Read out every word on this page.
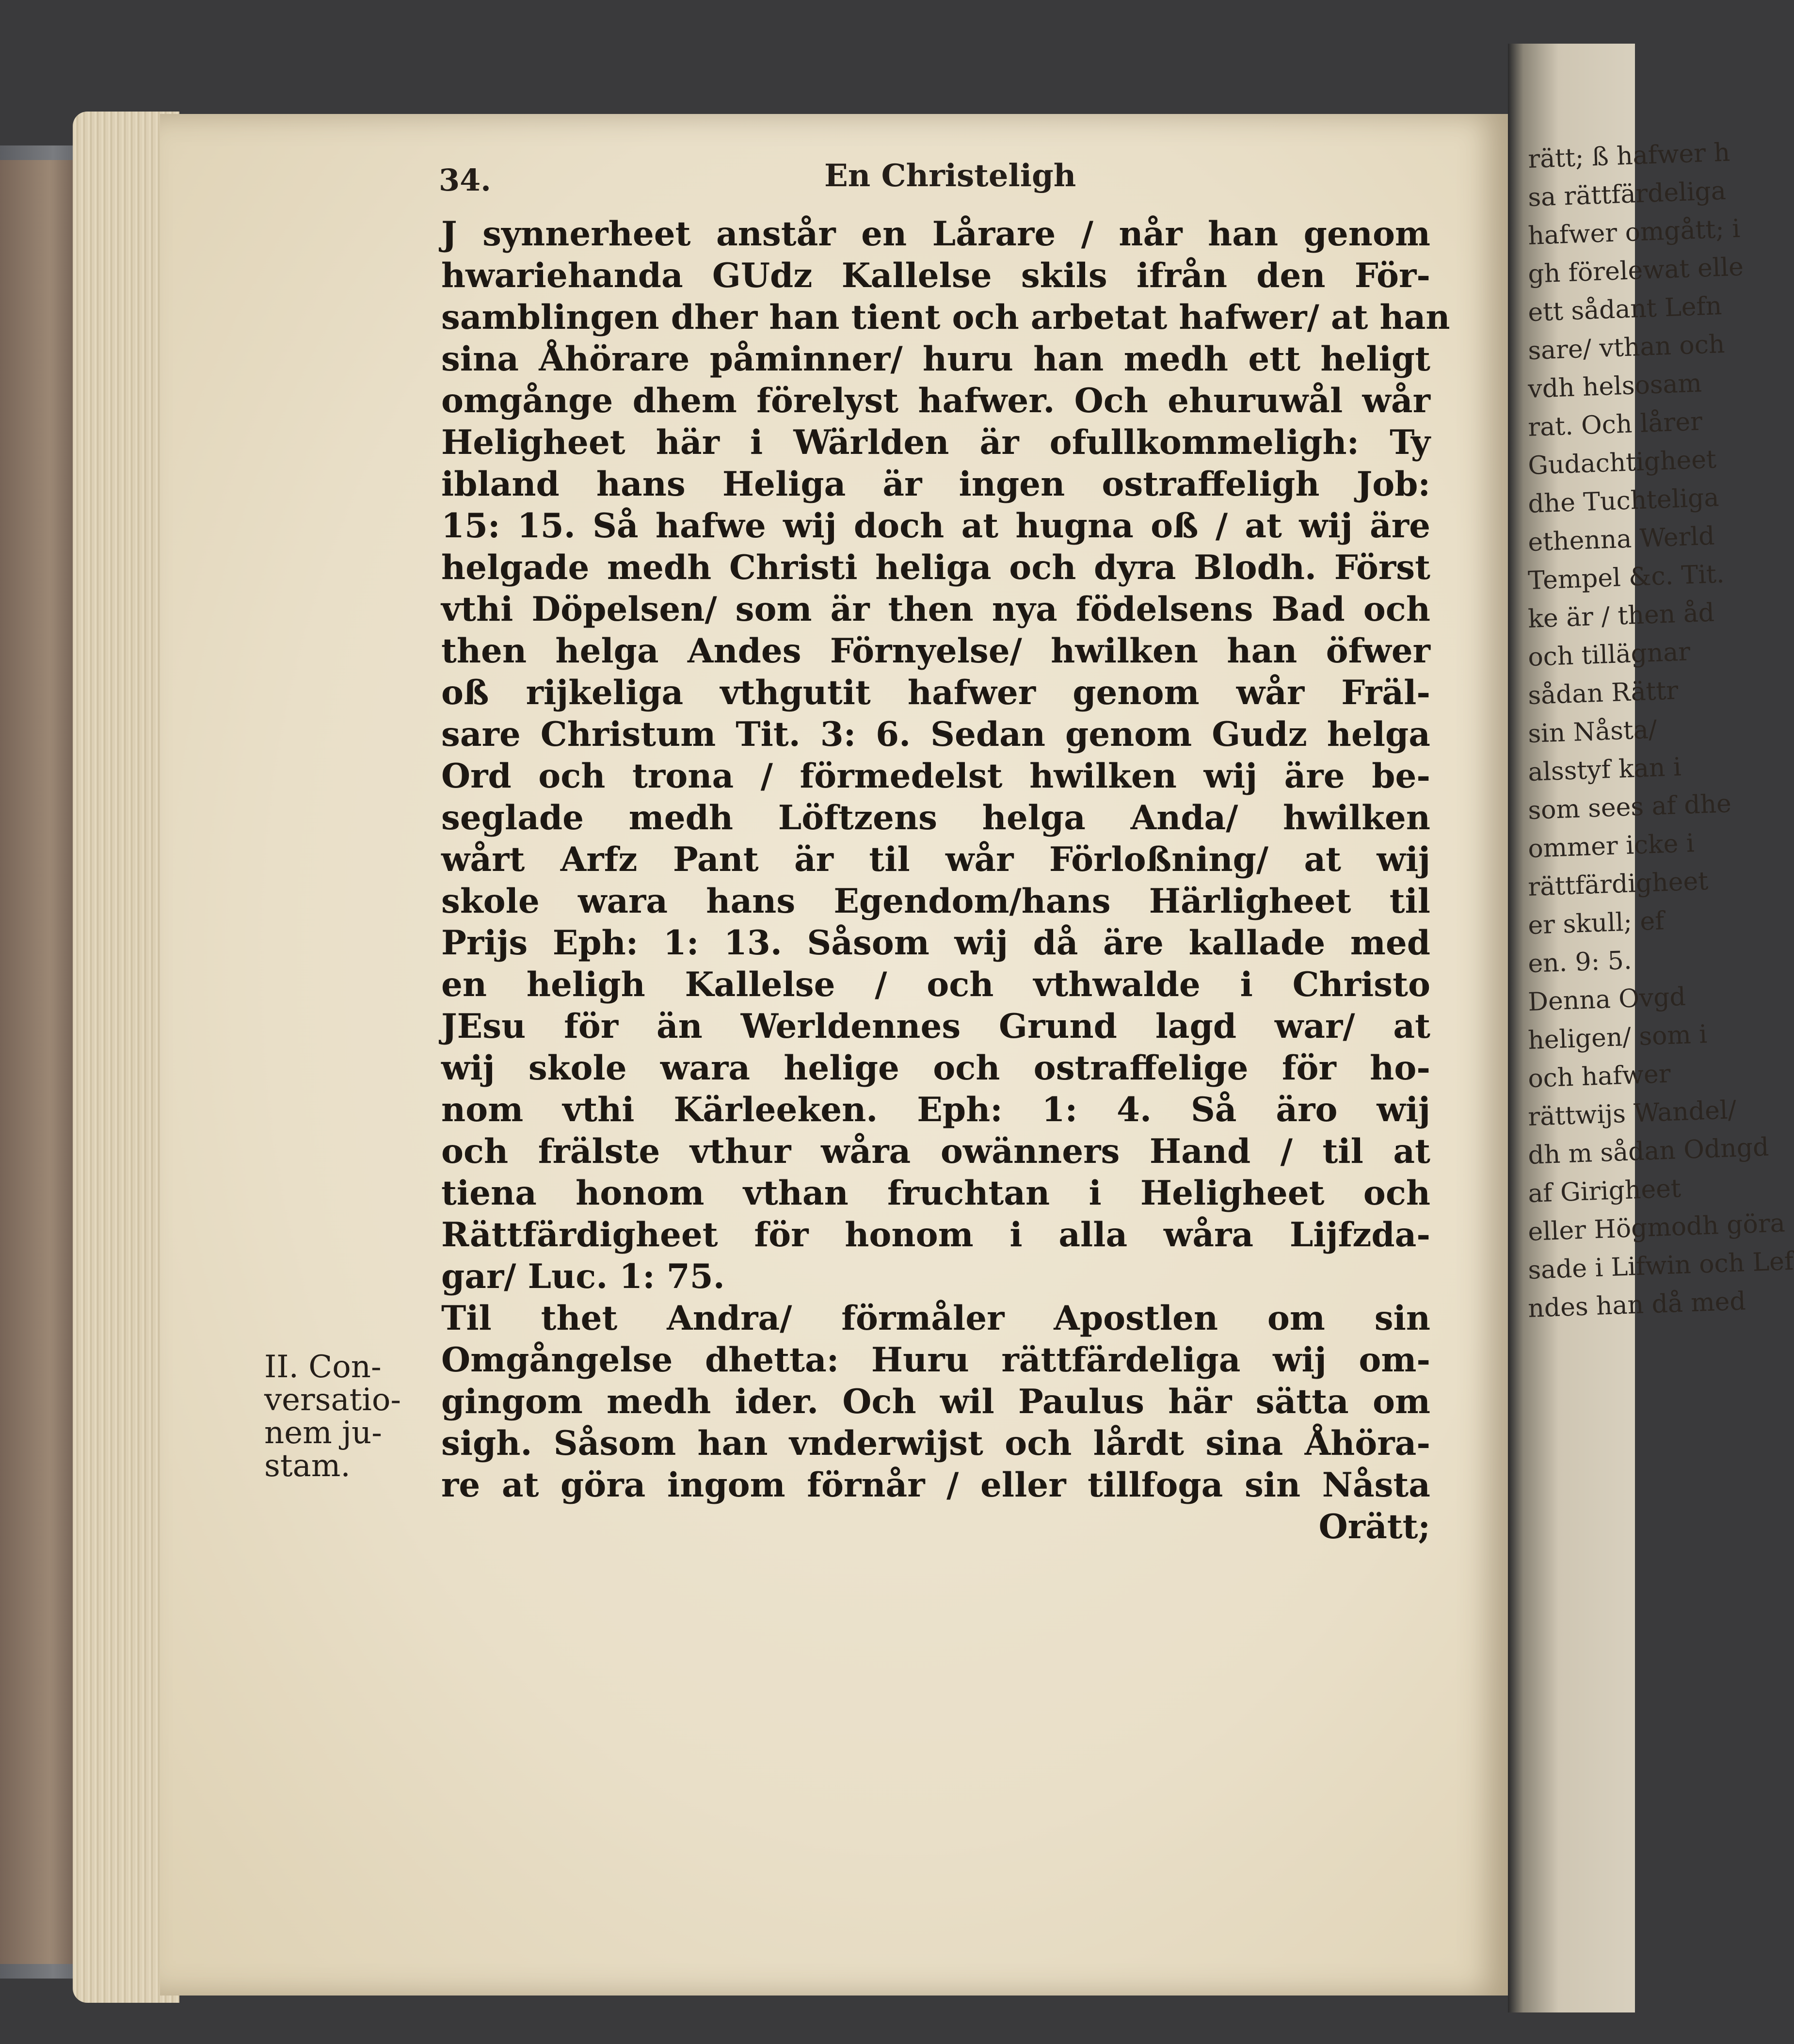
34.	En Christeligh
J synnerheet anstår en Lårare / når han genom
hwariehanda GUdz Kallelse skils ifrån den För-
samblingen dher han tient och arbetat hafwer/ at han
sina Åhörare påminner/ huru han medh ett heligt
omgånge dhem förelyst hafwer. Och ehuruwål wår
Heligheet här i Wärlden är ofullkommeligh: Ty
ibland hans Heliga är ingen ostraffeligh Job:
15: 15. Så hafwe wij doch at hugna oß / at wij äre
helgade medh Christi heliga och dyra Blodh. Först
vthi Döpelsen/ som är then nya födelsens Bad och
then helga Andes Förnyelse/ hwilken han öfwer
oß rijkeliga vthgutit hafwer genom wår Fräl-
sare Christum Tit. 3: 6. Sedan genom Gudz helga
Ord och trona / förmedelst hwilken wij äre be-
seglade medh Löftzens helga Anda/ hwilken
wårt Arfz Pant är til wår Förloßning/ at wij
skole wara hans Egendom/hans Härligheet til
Prijs Eph: 1: 13. Såsom wij då äre kallade med
en heligh Kallelse / och vthwalde i Christo
JEsu för än Werldennes Grund lagd war/ at
wij skole wara helige och ostraffelige för ho-
nom vthi Kärleeken. Eph: 1: 4. Så äro wij
och frälste vthur wåra owänners Hand / til at
tiena honom vthan fruchtan i Heligheet och
Rättfärdigheet för honom i alla wåra Lijfzda-
gar/ Luc. 1: 75.
Til thet Andra/ förmåler Apostlen om sin
Omgångelse dhetta: Huru rättfärdeliga wij om-
gingom medh ider. Och wil Paulus här sätta om
sigh. Såsom han vnderwijst och lårdt sina Åhöra-
re at göra ingom förnår / eller tillfoga sin Nåsta
Orätt;
II. Con-
versatio-
nem ju-
stam.
rätt; ß hafwer h
sa rättfärdeliga
hafwer omgått; i
gh förelewat elle
ett sådant Lefn
sare/ vthan och
vdh helsosam
rat. Och lårer
Gudachtigheet
dhe Tuchteliga
ethenna Werld
Tempel &c. Tit.
ke är / then åd
och tillägnar
sådan Rättr
sin Nåsta/
alsstyf kan i
som sees af dhe
ommer icke i
rättfärdigheet
er skull; ef
en. 9: 5.
Denna Ovgd
heligen/ som i
och hafwer
rättwijs Wandel/
dh m sådan Odngd
af Girigheet
eller Högmodh göra
sade i Lifwin och Lef
ndes han då med
